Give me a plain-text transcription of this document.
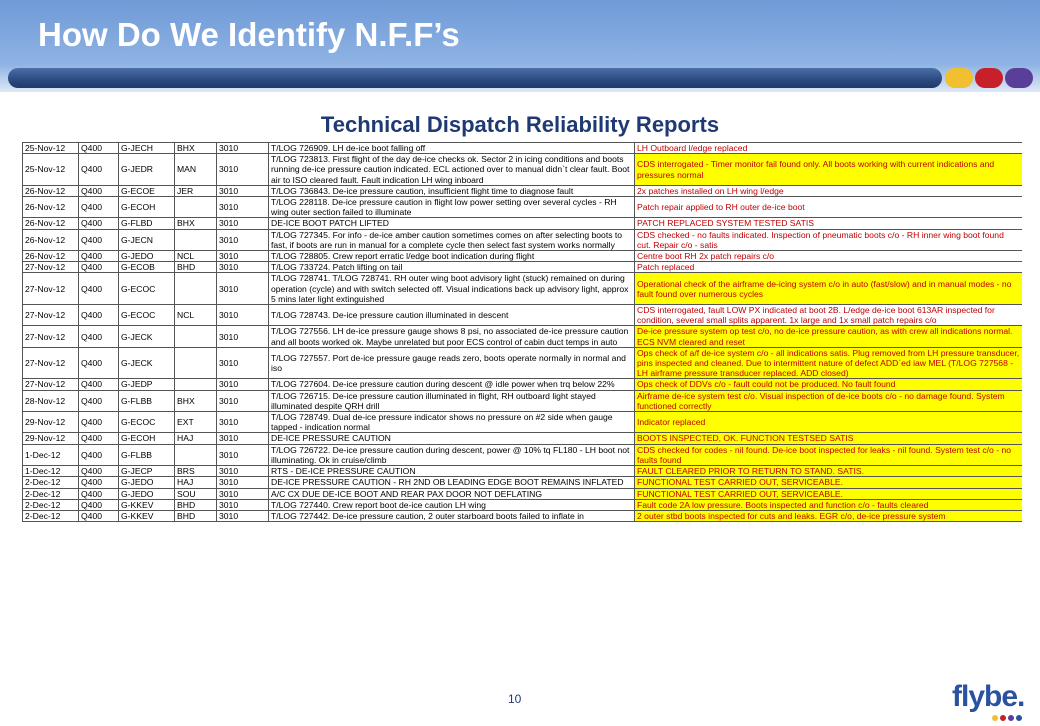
How Do We Identify N.F.F’s
Technical Dispatch Reliability Reports
25-Nov-12	Q400	G-JECH	BHX	3010	T/LOG 726909. LH de-ice boot falling off	LH Outboard l/edge replaced
25-Nov-12	Q400	G-JEDR	MAN	3010	T/LOG 723813. First flight of the day de-ice checks ok. Sector 2 in icing conditions and boots running de-ice pressure caution indicated. ECL actioned over to manual didn`t clear fault. Boot air to ISO cleared fault. Fault indication LH wing inboard	CDS interrogated - Timer monitor fail found only. All boots working with current indications and pressures normal
26-Nov-12	Q400	G-ECOE	JER	3010	T/LOG 736843. De-ice pressure caution, insufficient flight time to diagnose fault	2x patches installed on LH wing l/edge
26-Nov-12	Q400	G-ECOH		3010	T/LOG 228118. De-ice pressure caution in flight low power setting over several cycles - RH wing outer section failed to illuminate	Patch repair applied to RH outer de-ice boot
26-Nov-12	Q400	G-FLBD	BHX	3010	DE-ICE BOOT PATCH LIFTED	PATCH REPLACED SYSTEM TESTED SATIS
26-Nov-12	Q400	G-JECN		3010	T/LOG 727345. For info - de-ice amber caution sometimes comes on after selecting boots to fast, if boots are run in manual for a complete cycle then select fast system works normally	CDS checked - no faults indicated. Inspection of pneumatic boots c/o - RH inner wing boot found cut. Repair c/o - satis
26-Nov-12	Q400	G-JEDO	NCL	3010	T/LOG 728805. Crew report erratic l/edge boot indication during flight	Centre boot RH 2x patch repairs c/o
27-Nov-12	Q400	G-ECOB	BHD	3010	T/LOG 733724. Patch lifting on tail	Patch replaced
27-Nov-12	Q400	G-ECOC		3010	T/LOG 728741. T/LOG 728741. RH outer wing boot advisory light (stuck) remained on during operation (cycle) and with switch selected off. Visual indications back up advisory light, approx 5 mins later light extinguished	Operational check of the airframe de-icing system c/o in auto (fast/slow) and in manual modes - no fault found over numerous cycles
27-Nov-12	Q400	G-ECOC	NCL	3010	T/LOG 728743. De-ice pressure caution illuminated in descent	CDS interrogated, fault LOW PX indicated at boot 2B. L/edge de-ice boot 613AR inspected for condition, several small splits apparent. 1x large and 1x small patch repairs c/o
27-Nov-12	Q400	G-JECK		3010	T/LOG 727556. LH de-ice pressure gauge shows 8 psi, no associated de-ice pressure caution and all boots worked ok. Maybe unrelated but poor ECS control of cabin duct temps in auto	De-ice pressure system op test c/o, no de-ice pressure caution, as with crew all indications normal. ECS NVM cleared and reset
27-Nov-12	Q400	G-JECK		3010	T/LOG 727557. Port de-ice pressure gauge reads zero, boots operate normally in normal and iso	Ops check of a/f de-ice system c/o - all indications satis. Plug removed from LH pressure transducer, pins inspected and cleaned. Due to intermittent nature of defect ADD`ed iaw MEL (T/LOG 727568 - LH airframe pressure transducer replaced. ADD closed)
27-Nov-12	Q400	G-JEDP		3010	T/LOG 727604. De-ice pressure caution during descent @ idle power when trq below 22%	Ops check of DDVs c/o - fault could not be produced. No fault found
28-Nov-12	Q400	G-FLBB	BHX	3010	T/LOG 726715. De-ice pressure caution illuminated in flight, RH outboard light stayed illuminated despite QRH drill	Airframe de-ice system test c/o. Visual inspection of de-ice boots c/o - no damage found. System functioned correctly
29-Nov-12	Q400	G-ECOC	EXT	3010	T/LOG 728749. Dual de-ice pressure indicator shows no pressure on #2 side when gauge tapped - indication normal	Indicator replaced
29-Nov-12	Q400	G-ECOH	HAJ	3010	DE-ICE PRESSURE CAUTION	BOOTS INSPECTED, OK. FUNCTION TESTSED SATIS
1-Dec-12	Q400	G-FLBB		3010	T/LOG 726722. De-ice pressure caution during descent, power @ 10% tq FL180 - LH boot not illuminating. Ok in cruise/climb	CDS checked for codes - nil found. De-ice boot inspected for leaks - nil found. System test c/o - no faults found
1-Dec-12	Q400	G-JECP	BRS	3010	RTS - DE-ICE PRESSURE CAUTION	FAULT CLEARED PRIOR TO RETURN TO STAND. SATIS.
2-Dec-12	Q400	G-JEDO	HAJ	3010	DE-ICE PRESSURE CAUTION - RH 2ND OB LEADING EDGE BOOT REMAINS INFLATED	FUNCTIONAL TEST CARRIED OUT, SERVICEABLE.
2-Dec-12	Q400	G-JEDO	SOU	3010	A/C CX DUE DE-ICE BOOT AND REAR PAX DOOR NOT DEFLATING	FUNCTIONAL TEST CARRIED OUT, SERVICEABLE.
2-Dec-12	Q400	G-KKEV	BHD	3010	T/LOG 727440. Crew report boot de-ice caution LH wing	Fault code 2A low pressure. Boots inspected and function c/o - faults cleared
2-Dec-12	Q400	G-KKEV	BHD	3010	T/LOG 727442. De-ice pressure caution, 2 outer starboard boots failed to inflate in	2 outer stbd boots inspected for cuts and leaks. EGR c/o, de-ice pressure system
10	flybe.
